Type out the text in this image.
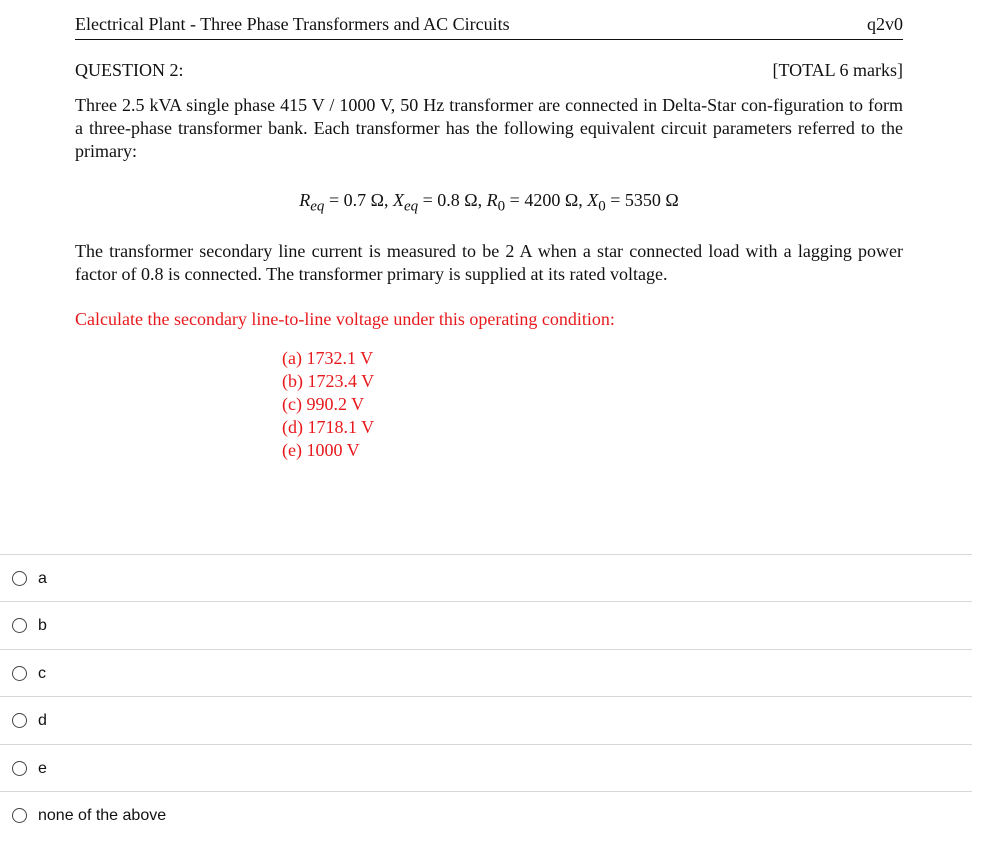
Electrical Plant - Three Phase Transformers and AC Circuits	q2v0
QUESTION 2:	[TOTAL 6 marks]
Three 2.5 kVA single phase 415 V / 1000 V, 50 Hz transformer are connected in Delta-Star con-figuration to form a three-phase transformer bank. Each transformer has the following equivalent circuit parameters referred to the primary:
$R_{eq} = 0.7$ Ω, $X_{eq} = 0.8$ Ω, $R_0 = 4200$ Ω, $X_0 = 5350$ Ω
The transformer secondary line current is measured to be 2 A when a star connected load with a lagging power factor of 0.8 is connected. The transformer primary is supplied at its rated voltage.
Calculate the secondary line-to-line voltage under this operating condition:
(a) 1732.1 V
(b) 1723.4 V
(c) 990.2 V
(d) 1718.1 V
(e) 1000 V
a
b
c
d
e
none of the above
